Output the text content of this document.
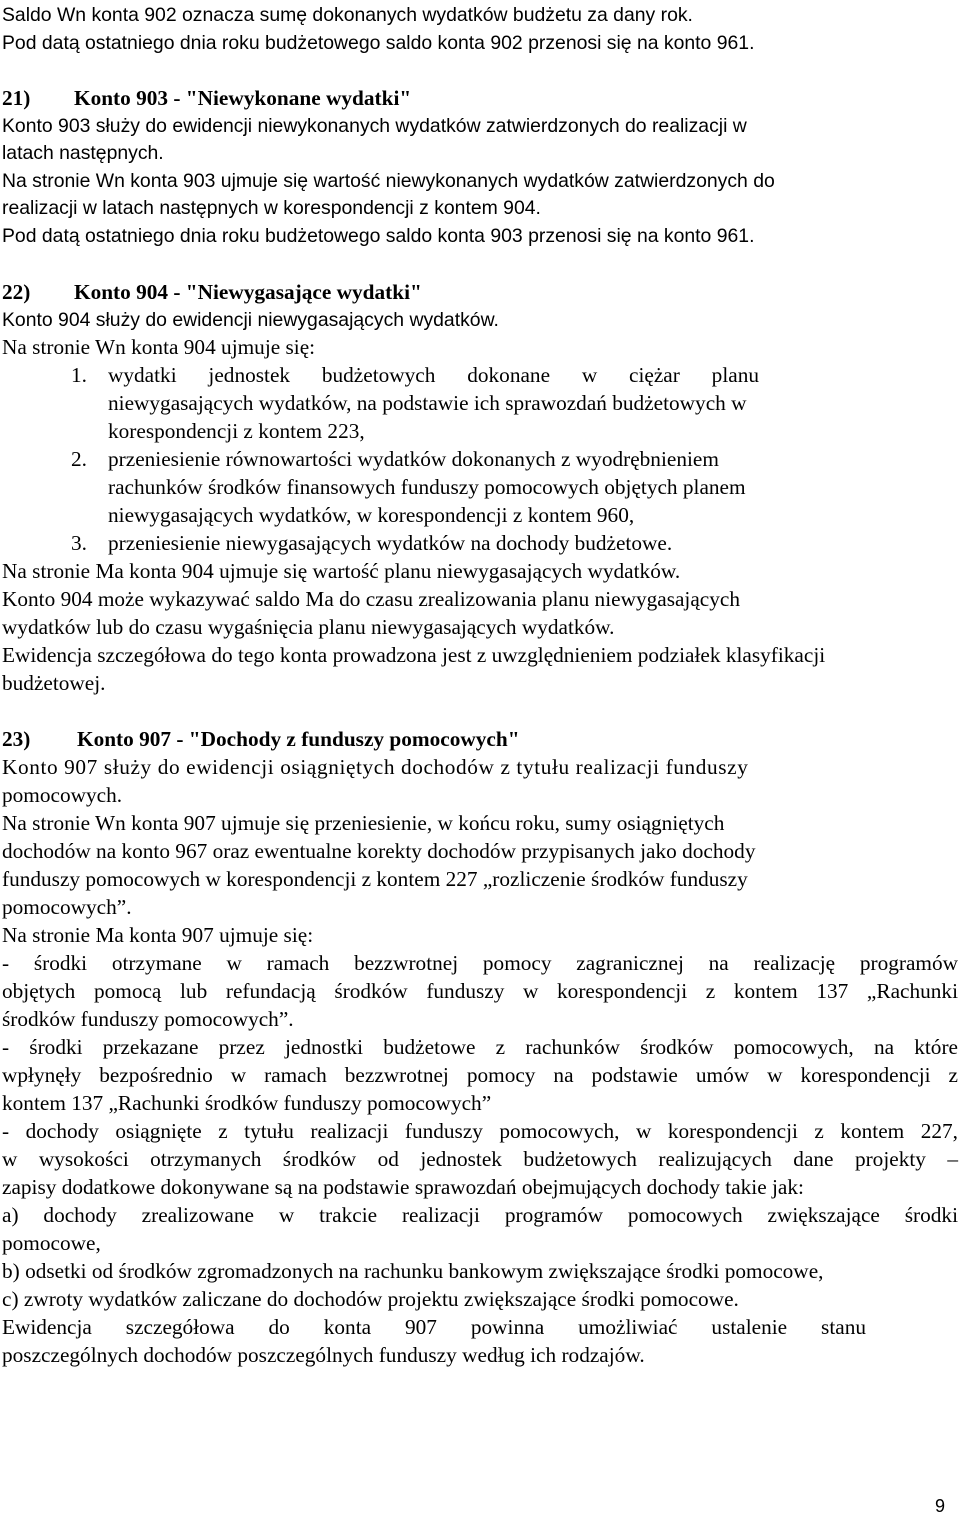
Saldo Wn konta 902 oznacza sumę dokonanych wydatków budżetu za dany rok.
Pod datą ostatniego dnia roku budżetowego saldo konta 902 przenosi się na konto 961.
21) Konto 903 - "Niewykonane wydatki"
Konto 903 służy do ewidencji niewykonanych wydatków zatwierdzonych do realizacji w
latach następnych.
Na stronie Wn konta 903 ujmuje się wartość niewykonanych wydatków zatwierdzonych do
realizacji w latach następnych w korespondencji z kontem 904.
Pod datą ostatniego dnia roku budżetowego saldo konta 903 przenosi się na konto 961.
22) Konto 904 - "Niewygasające wydatki"
Konto 904 służy do ewidencji niewygasających wydatków.
Na stronie Wn konta 904 ujmuje się:
1. wydatki jednostek budżetowych dokonane w ciężar planu
niewygasających wydatków, na podstawie ich sprawozdań budżetowych w
korespondencji z kontem 223,
2. przeniesienie równowartości wydatków dokonanych z wyodrębnieniem
rachunków środków finansowych funduszy pomocowych objętych planem
niewygasających wydatków, w korespondencji z kontem 960,
3. przeniesienie niewygasających wydatków na dochody budżetowe.
Na stronie Ma konta 904 ujmuje się wartość planu niewygasających wydatków.
Konto 904 może wykazywać saldo Ma do czasu zrealizowania planu niewygasających
wydatków lub do czasu wygaśnięcia planu niewygasających wydatków.
Ewidencja szczegółowa do tego konta prowadzona jest z uwzględnieniem podziałek klasyfikacji
budżetowej.
23) Konto 907 - "Dochody z funduszy pomocowych"
Konto 907 służy do ewidencji osiągniętych dochodów z tytułu realizacji funduszy
pomocowych.
Na stronie Wn konta 907 ujmuje się przeniesienie, w końcu roku, sumy osiągniętych
dochodów na konto 967 oraz ewentualne korekty dochodów przypisanych jako dochody
funduszy pomocowych w korespondencji z kontem 227 „rozliczenie środków funduszy
pomocowych”.
Na stronie Ma konta 907 ujmuje się:
- środki otrzymane w ramach bezzwrotnej pomocy zagranicznej na realizację programów
objętych pomocą lub refundacją środków funduszy w korespondencji z kontem 137 „Rachunki
środków funduszy pomocowych”.
- środki przekazane przez jednostki budżetowe z rachunków środków pomocowych, na które
wpłynęły bezpośrednio w ramach bezzwrotnej pomocy na podstawie umów w korespondencji z
kontem 137 „Rachunki środków funduszy pomocowych”
- dochody osiągnięte z tytułu realizacji funduszy pomocowych, w korespondencji z kontem 227,
w wysokości otrzymanych środków od jednostek budżetowych realizujących dane projekty –
zapisy dodatkowe dokonywane są na podstawie sprawozdań obejmujących dochody takie jak:
a) dochody zrealizowane w trakcie realizacji programów pomocowych zwiększające środki
pomocowe,
b) odsetki od środków zgromadzonych na rachunku bankowym zwiększające środki pomocowe,
c) zwroty wydatków zaliczane do dochodów projektu zwiększające środki pomocowe.
Ewidencja szczegółowa do konta 907 powinna umożliwiać ustalenie stanu
poszczególnych dochodów poszczególnych funduszy według ich rodzajów.
9
